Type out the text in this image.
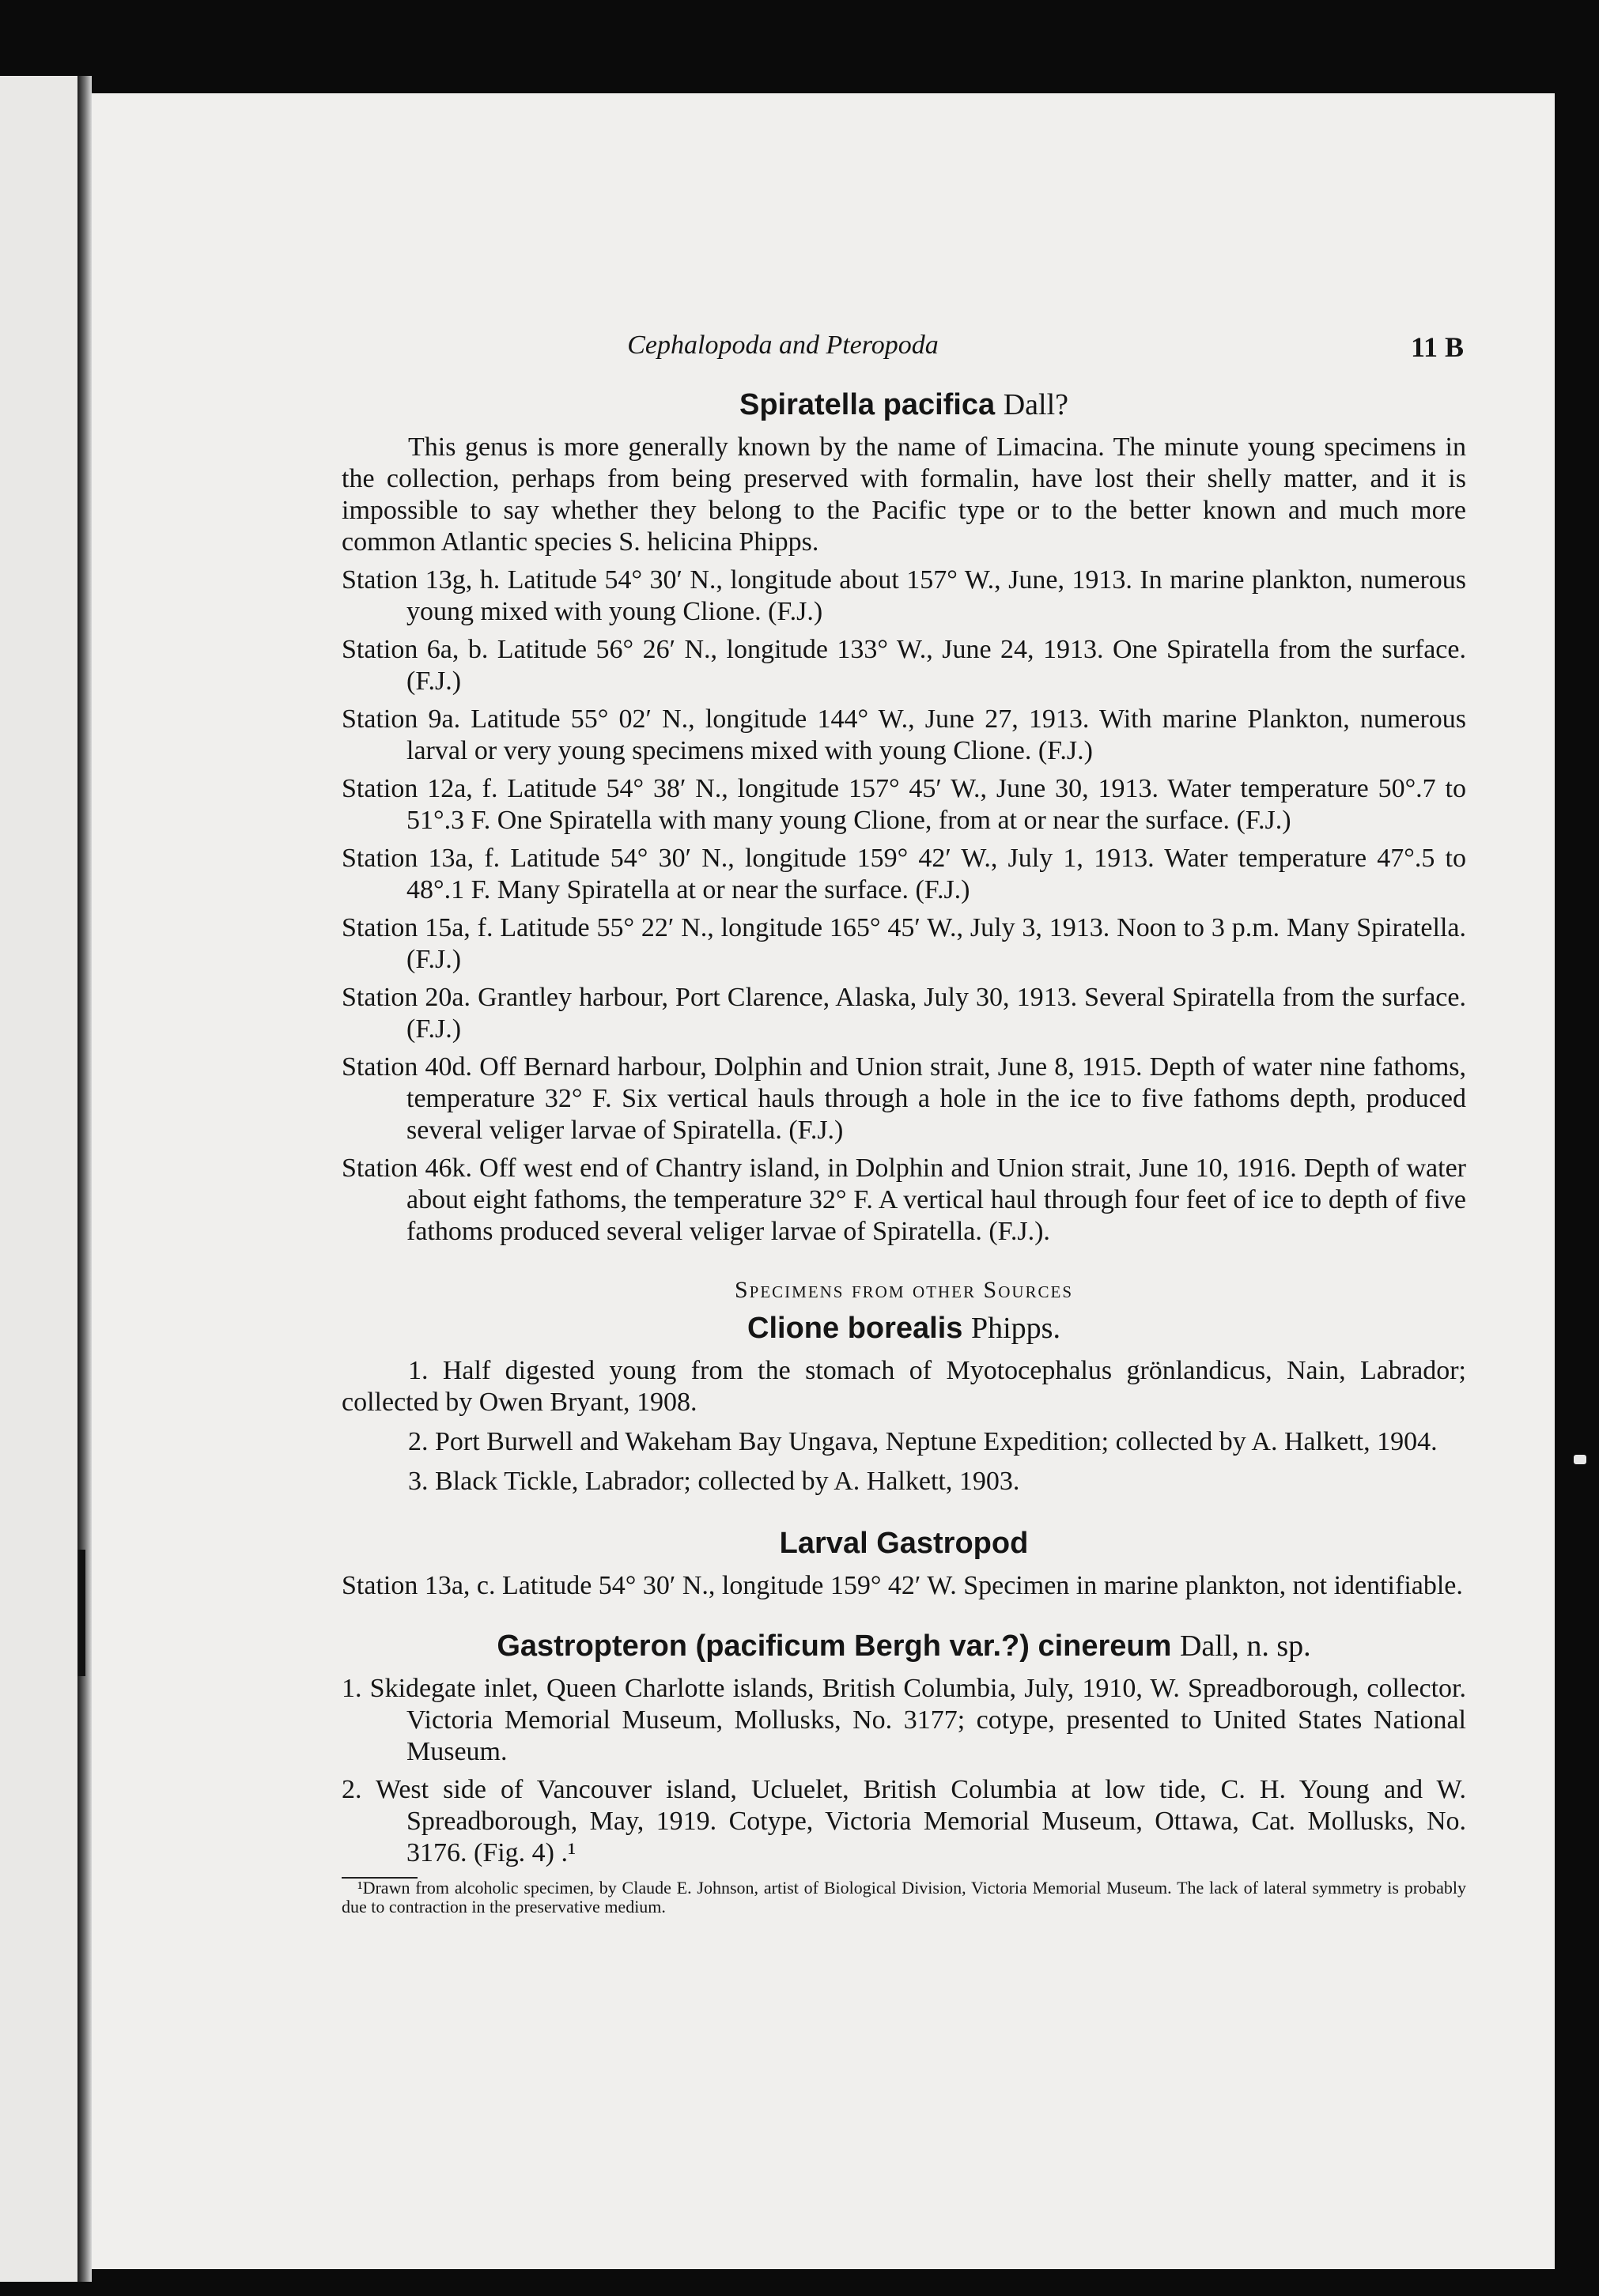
Cephalopoda and Pteropoda	11 B

Spiratella pacifica Dall?

This genus is more generally known by the name of Limacina. The minute young specimens in the collection, perhaps from being preserved with formalin, have lost their shelly matter, and it is impossible to say whether they belong to the Pacific type or to the better known and much more common Atlantic species S. helicina Phipps.

Station 13g, h. Latitude 54° 30′ N., longitude about 157° W., June, 1913. In marine plankton, numerous young mixed with young Clione. (F.J.)

Station 6a, b. Latitude 56° 26′ N., longitude 133° W., June 24, 1913. One Spiratella from the surface. (F.J.)

Station 9a. Latitude 55° 02′ N., longitude 144° W., June 27, 1913. With marine Plankton, numerous larval or very young specimens mixed with young Clione. (F.J.)

Station 12a, f. Latitude 54° 38′ N., longitude 157° 45′ W., June 30, 1913. Water temperature 50°.7 to 51°.3 F. One Spiratella with many young Clione, from at or near the surface. (F.J.)

Station 13a, f. Latitude 54° 30′ N., longitude 159° 42′ W., July 1, 1913. Water temperature 47°.5 to 48°.1 F. Many Spiratella at or near the surface. (F.J.)

Station 15a, f. Latitude 55° 22′ N., longitude 165° 45′ W., July 3, 1913. Noon to 3 p.m. Many Spiratella. (F.J.)

Station 20a. Grantley harbour, Port Clarence, Alaska, July 30, 1913. Several Spiratella from the surface. (F.J.)

Station 40d. Off Bernard harbour, Dolphin and Union strait, June 8, 1915. Depth of water nine fathoms, temperature 32° F. Six vertical hauls through a hole in the ice to five fathoms depth, produced several veliger larvae of Spiratella. (F.J.)

Station 46k. Off west end of Chantry island, in Dolphin and Union strait, June 10, 1916. Depth of water about eight fathoms, the temperature 32° F. A vertical haul through four feet of ice to depth of five fathoms produced several veliger larvae of Spiratella. (F.J.).

Specimens from other Sources

Clione borealis Phipps.

1. Half digested young from the stomach of Myotocephalus grönlandicus, Nain, Labrador; collected by Owen Bryant, 1908.

2. Port Burwell and Wakeham Bay Ungava, Neptune Expedition; collected by A. Halkett, 1904.

3. Black Tickle, Labrador; collected by A. Halkett, 1903.

Larval Gastropod

Station 13a, c. Latitude 54° 30′ N., longitude 159° 42′ W. Specimen in marine plankton, not identifiable.

Gastropteron (pacificum Bergh var.?) cinereum Dall, n. sp.

1. Skidegate inlet, Queen Charlotte islands, British Columbia, July, 1910, W. Spreadborough, collector. Victoria Memorial Museum, Mollusks, No. 3177; cotype, presented to United States National Museum.

2. West side of Vancouver island, Ucluelet, British Columbia at low tide, C. H. Young and W. Spreadborough, May, 1919. Cotype, Victoria Memorial Museum, Ottawa, Cat. Mollusks, No. 3176. (Fig. 4) .¹

¹Drawn from alcoholic specimen, by Claude E. Johnson, artist of Biological Division, Victoria Memorial Museum. The lack of lateral symmetry is probably due to contraction in the preservative medium.
